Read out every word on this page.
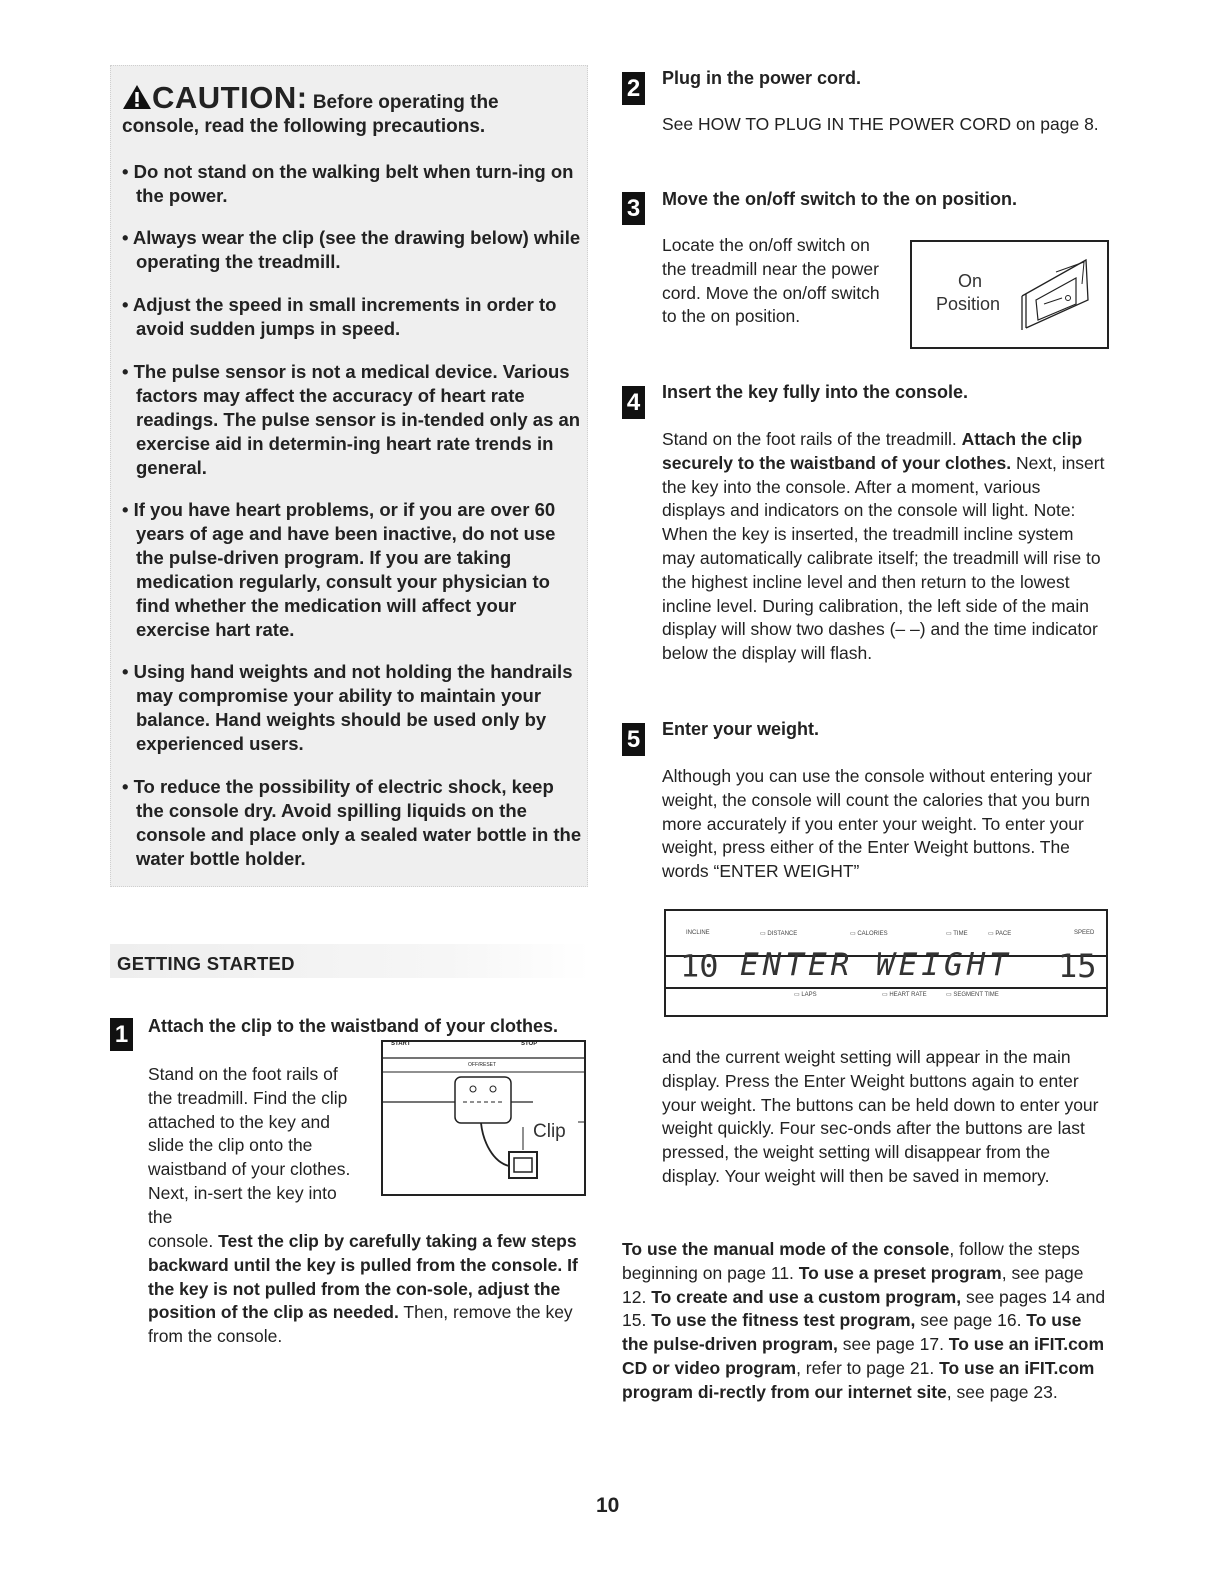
CAUTION: Before operating the
console, read the following precautions.
• Do not stand on the walking belt when turn-ing on the power.
• Always wear the clip (see the drawing below) while operating the treadmill.
• Adjust the speed in small increments in order to avoid sudden jumps in speed.
• The pulse sensor is not a medical device. Various factors may affect the accuracy of heart rate readings. The pulse sensor is in-tended only as an exercise aid in determin-ing heart rate trends in general.
• If you have heart problems, or if you are over 60 years of age and have been inactive, do not use the pulse-driven program. If you are taking medication regularly, consult your physician to find whether the medication will affect your exercise hart rate.
• Using hand weights and not holding the handrails may compromise your ability to maintain your balance. Hand weights should be used only by experienced users.
• To reduce the possibility of electric shock, keep the console dry. Avoid spilling liquids on the console and place only a sealed water bottle in the water bottle holder.
GETTING STARTED
1 Attach the clip to the waistband of your clothes.
Stand on the foot rails of the treadmill. Find the clip attached to the key and slide the clip onto the waistband of your clothes. Next, in-sert the key into the
console. Test the clip by carefully taking a few steps backward until the key is pulled from the console. If the key is not pulled from the con-sole, adjust the position of the clip as needed. Then, remove the key from the console.
START	STOP
OFF/RESET
Clip
2 Plug in the power cord.
See HOW TO PLUG IN THE POWER CORD on page 8.
3 Move the on/off switch to the on position.
Locate the on/off switch on the treadmill near the power cord. Move the on/off switch to the on position.
On
Position
4 Insert the key fully into the console.
Stand on the foot rails of the treadmill. Attach the clip securely to the waistband of your clothes. Next, insert the key into the console. After a moment, various displays and indicators on the console will light. Note: When the key is inserted, the treadmill incline system may automatically calibrate itself; the treadmill will rise to the highest incline level and then return to the lowest incline level. During calibration, the left side of the main display will show two dashes (– –) and the time indicator below the display will flash.
5 Enter your weight.
Although you can use the console without entering your weight, the console will count the calories that you burn more accurately if you enter your weight. To enter your weight, press either of the Enter Weight buttons. The words “ENTER WEIGHT”
INCLINE	▭ DISTANCE	▭ CALORIES	▭ TIME	▭ PACE	SPEED
10 ENTER WEIGHT 15
▭ LAPS	▭ HEART RATE	▭ SEGMENT TIME
and the current weight setting will appear in the main display. Press the Enter Weight buttons again to enter your weight. The buttons can be held down to enter your weight quickly. Four sec-onds after the buttons are last pressed, the weight setting will disappear from the display. Your weight will then be saved in memory.
To use the manual mode of the console, follow the steps beginning on page 11. To use a preset program, see page 12. To create and use a custom program, see pages 14 and 15. To use the fitness test program, see page 16. To use the pulse-driven program, see page 17. To use an iFIT.com CD or video program, refer to page 21. To use an iFIT.com program di-rectly from our internet site, see page 23.
10
